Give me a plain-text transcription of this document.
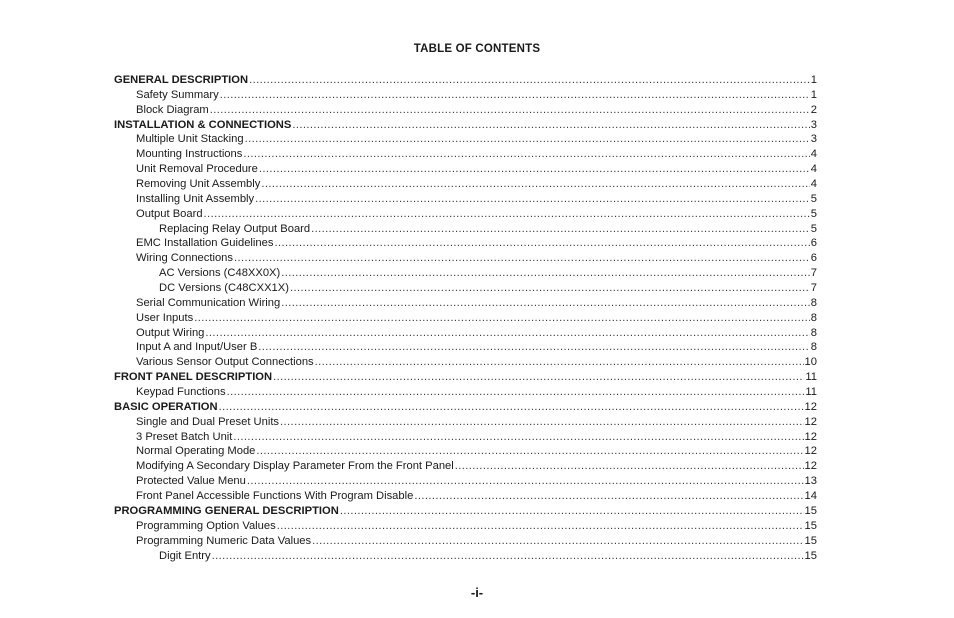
TABLE OF CONTENTS
GENERAL DESCRIPTION .....	1
Safety Summary .....	1
Block Diagram .....	2
INSTALLATION & CONNECTIONS .....	3
Multiple Unit Stacking .....	3
Mounting Instructions .....	4
Unit Removal Procedure .....	4
Removing Unit Assembly .....	4
Installing Unit Assembly .....	5
Output Board .....	5
Replacing Relay Output Board .....	5
EMC Installation Guidelines .....	6
Wiring Connections .....	6
AC Versions (C48XX0X) .....	7
DC Versions (C48CXX1X) .....	7
Serial Communication Wiring .....	8
User Inputs .....	8
Output Wiring .....	8
Input A and Input/User B .....	8
Various Sensor Output Connections .....	10
FRONT PANEL DESCRIPTION .....	11
Keypad Functions .....	11
BASIC OPERATION .....	12
Single and Dual Preset Units .....	12
3 Preset Batch Unit .....	12
Normal Operating Mode .....	12
Modifying A Secondary Display Parameter From the Front Panel .....	12
Protected Value Menu .....	13
Front Panel Accessible Functions With Program Disable .....	14
PROGRAMMING GENERAL DESCRIPTION .....	15
Programming Option Values .....	15
Programming Numeric Data Values .....	15
Digit Entry .....	15
-i-
